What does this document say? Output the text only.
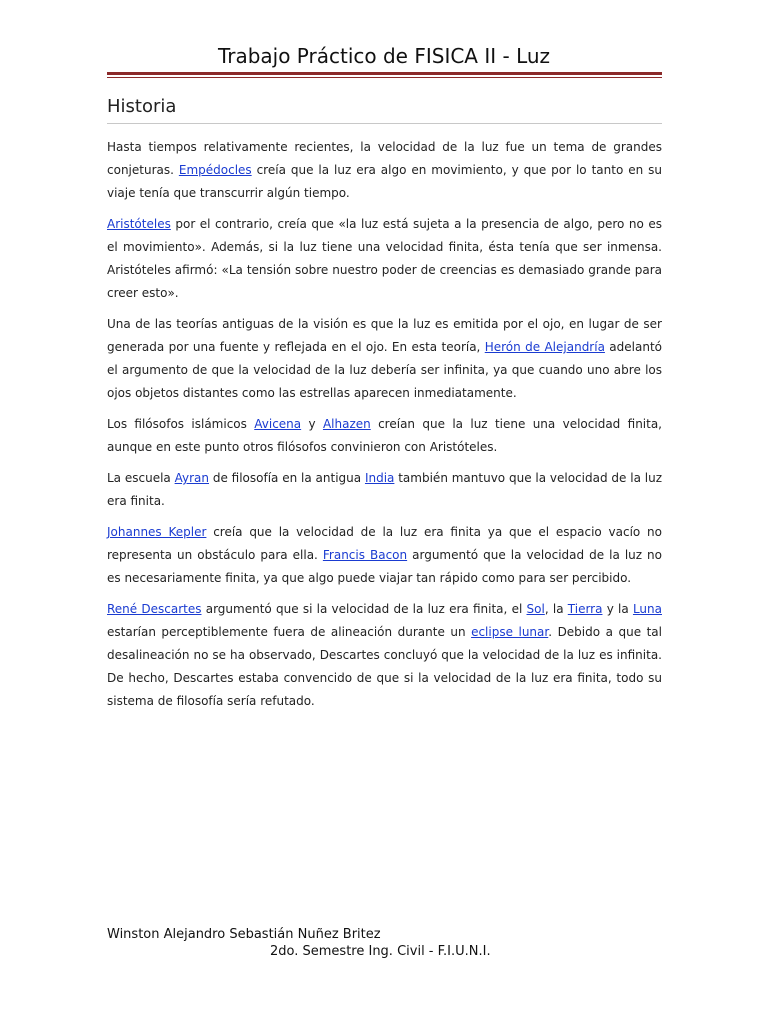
Trabajo Práctico de FISICA II - Luz
Historia

Hasta tiempos relativamente recientes, la velocidad de la luz fue un tema de grandes conjeturas. Empédocles creía que la luz era algo en movimiento, y que por lo tanto en su viaje tenía que transcurrir algún tiempo.

Aristóteles por el contrario, creía que «la luz está sujeta a la presencia de algo, pero no es el movimiento». Además, si la luz tiene una velocidad finita, ésta tenía que ser inmensa. Aristóteles afirmó: «La tensión sobre nuestro poder de creencias es demasiado grande para creer esto».

Una de las teorías antiguas de la visión es que la luz es emitida por el ojo, en lugar de ser generada por una fuente y reflejada en el ojo. En esta teoría, Herón de Alejandría adelantó el argumento de que la velocidad de la luz debería ser infinita, ya que cuando uno abre los ojos objetos distantes como las estrellas aparecen inmediatamente.

Los filósofos islámicos Avicena y Alhazen creían que la luz tiene una velocidad finita, aunque en este punto otros filósofos convinieron con Aristóteles.

La escuela Ayran de filosofía en la antigua India también mantuvo que la velocidad de la luz era finita.

Johannes Kepler creía que la velocidad de la luz era finita ya que el espacio vacío no representa un obstáculo para ella. Francis Bacon argumentó que la velocidad de la luz no es necesariamente finita, ya que algo puede viajar tan rápido como para ser percibido.

René Descartes argumentó que si la velocidad de la luz era finita, el Sol, la Tierra y la Luna estarían perceptiblemente fuera de alineación durante un eclipse lunar. Debido a que tal desalineación no se ha observado, Descartes concluyó que la velocidad de la luz es infinita. De hecho, Descartes estaba convencido de que si la velocidad de la luz era finita, todo su sistema de filosofía sería refutado.

Winston Alejandro Sebastián Nuñez Britez
2do. Semestre Ing. Civil - F.I.U.N.I.
